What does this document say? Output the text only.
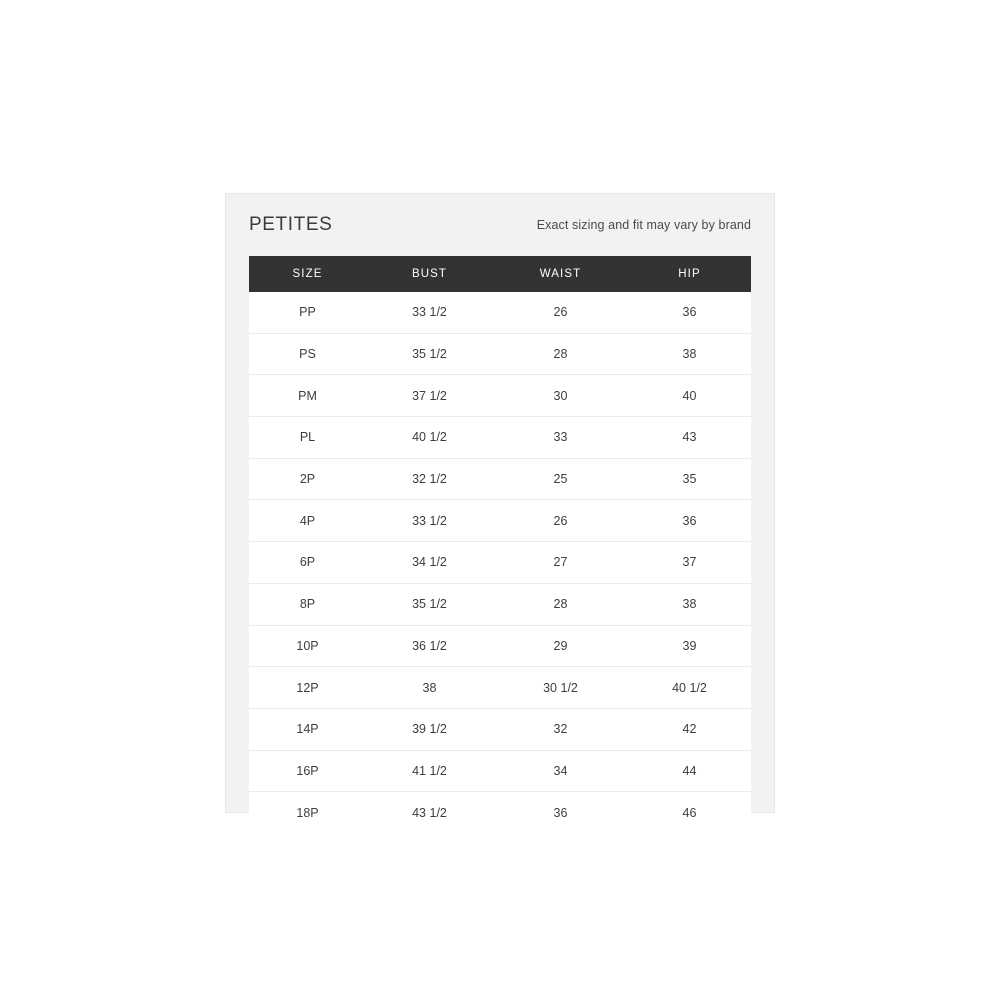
PETITES	Exact sizing and fit may vary by brand
SIZE	BUST	WAIST	HIP
PP	33 1/2	26	36
PS	35 1/2	28	38
PM	37 1/2	30	40
PL	40 1/2	33	43
2P	32 1/2	25	35
4P	33 1/2	26	36
6P	34 1/2	27	37
8P	35 1/2	28	38
10P	36 1/2	29	39
12P	38	30 1/2	40 1/2
14P	39 1/2	32	42
16P	41 1/2	34	44
18P	43 1/2	36	46
